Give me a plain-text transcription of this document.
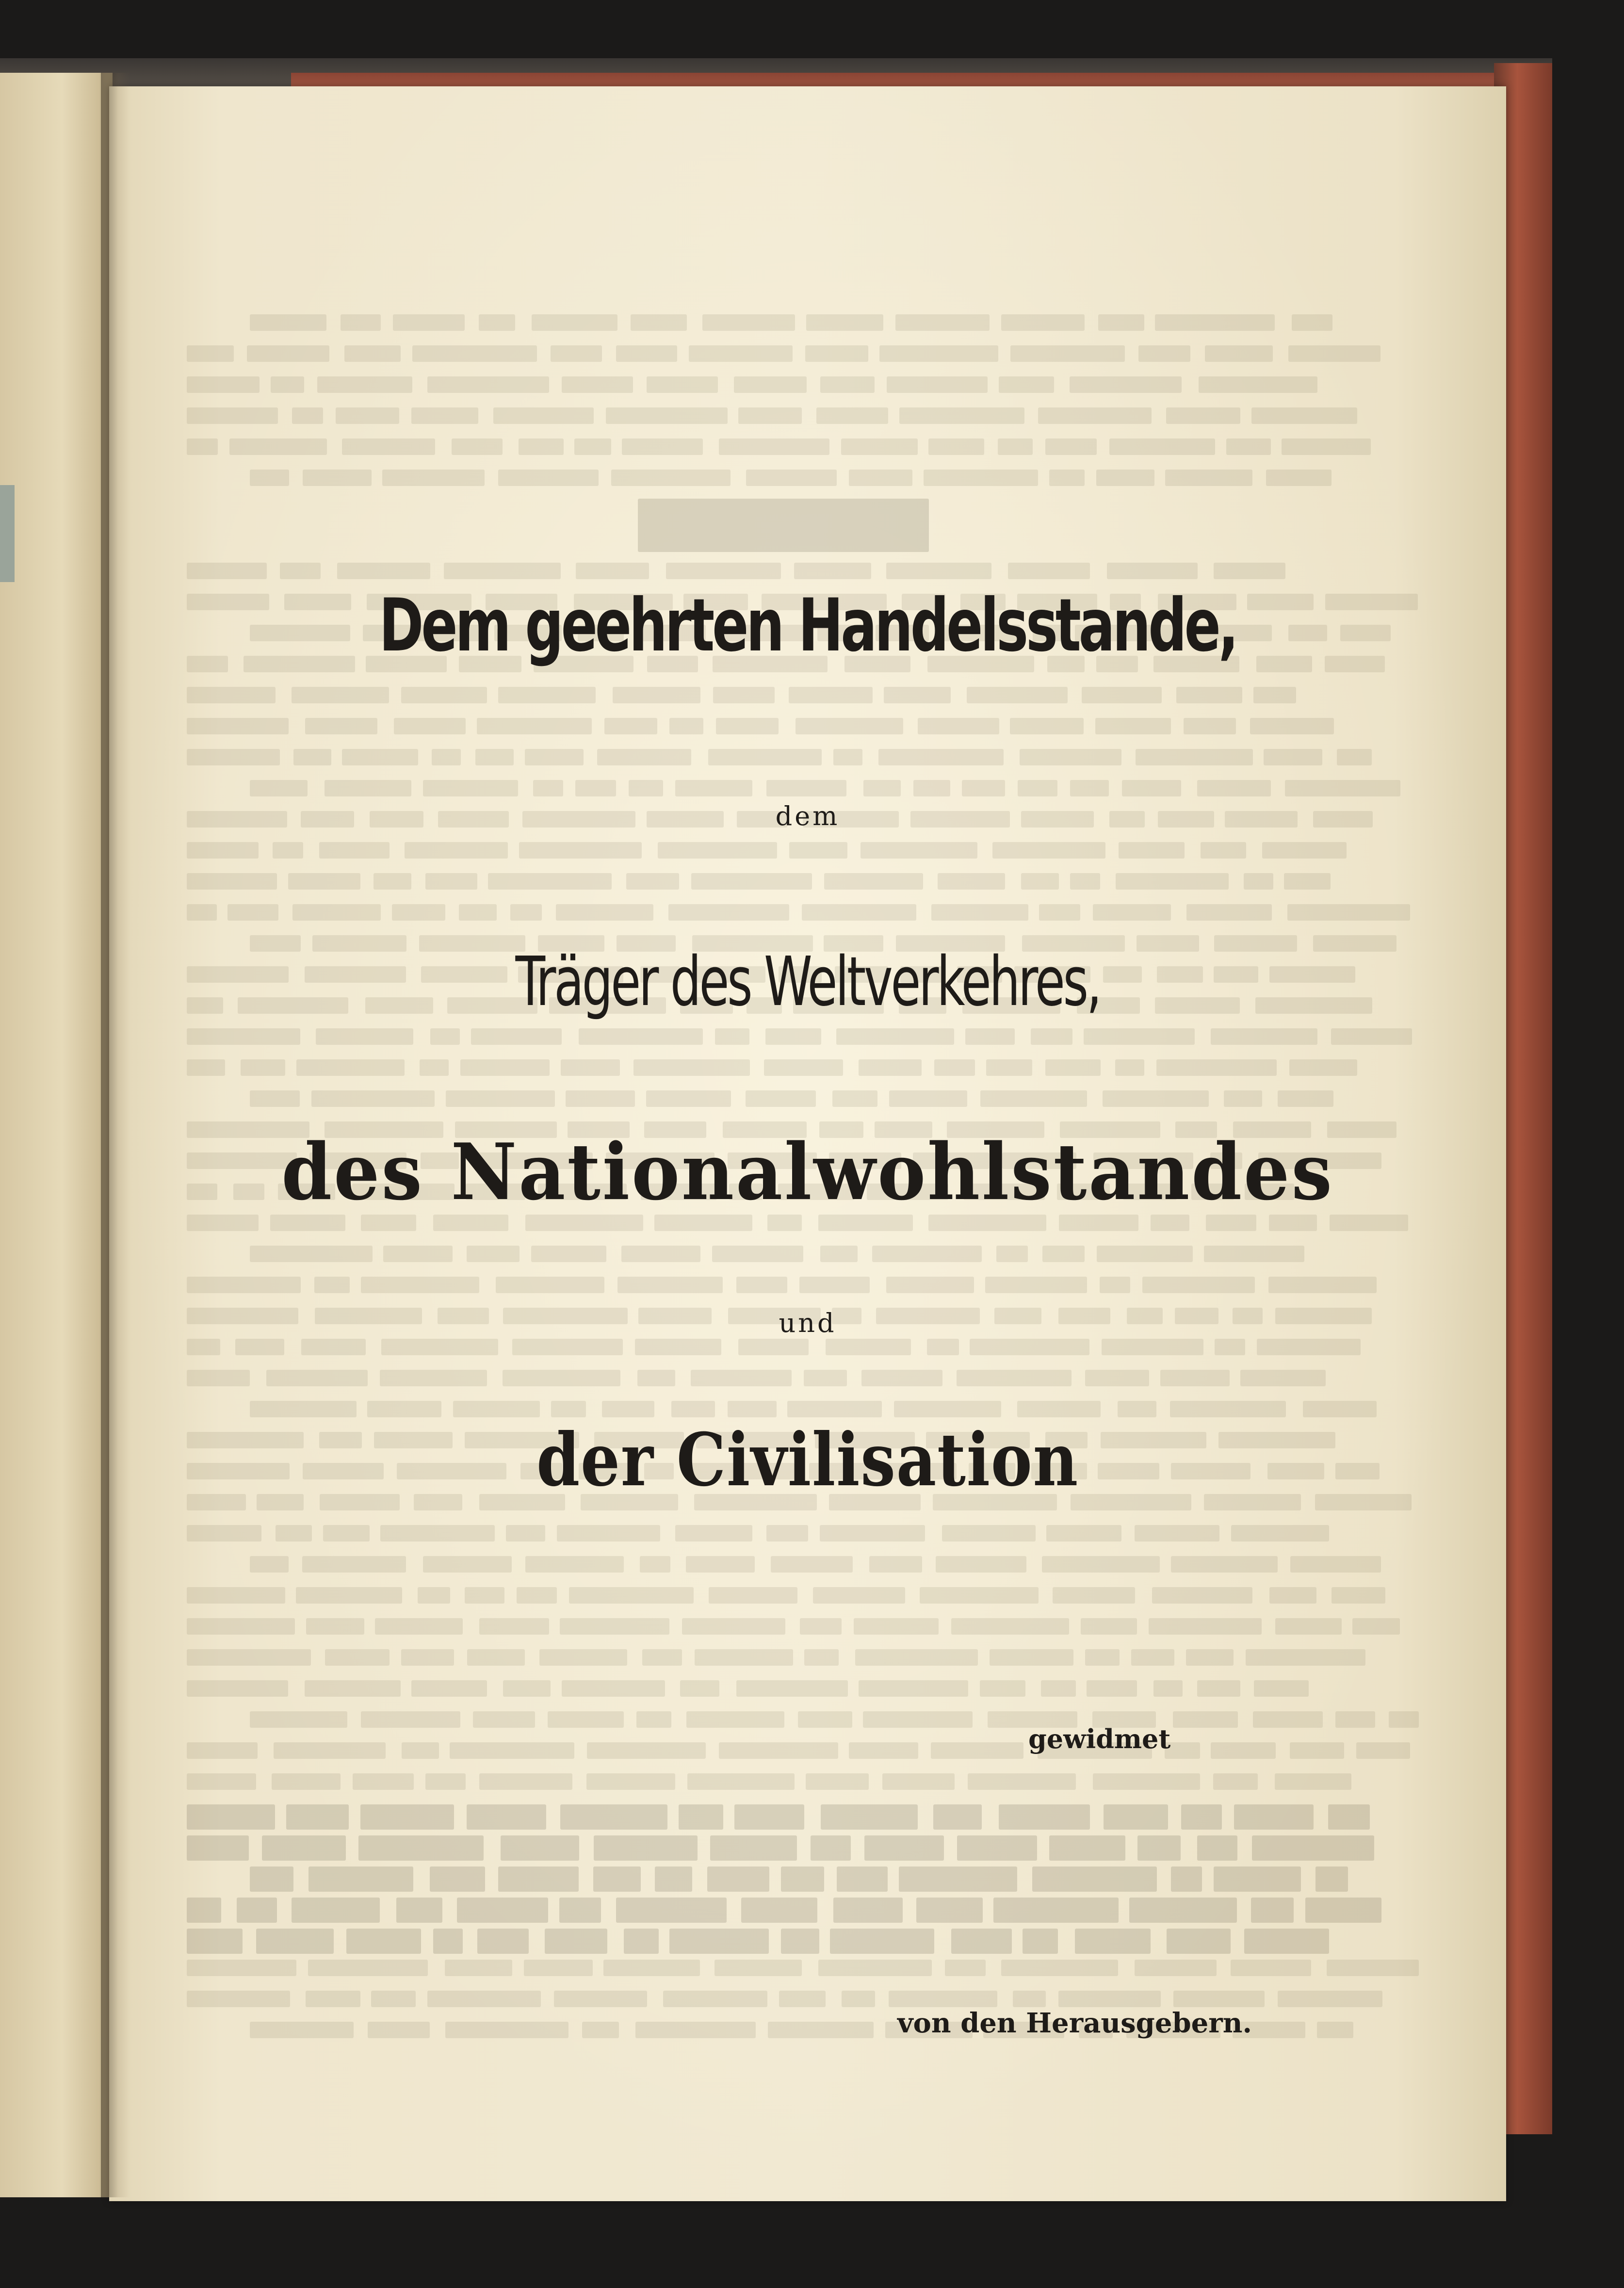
Dem geehrten Handelsstande,

dem

Träger des Weltverkehres,

des Nationalwohlstandes

und

der Civilisation

gewidmet

von den Herausgebern.
